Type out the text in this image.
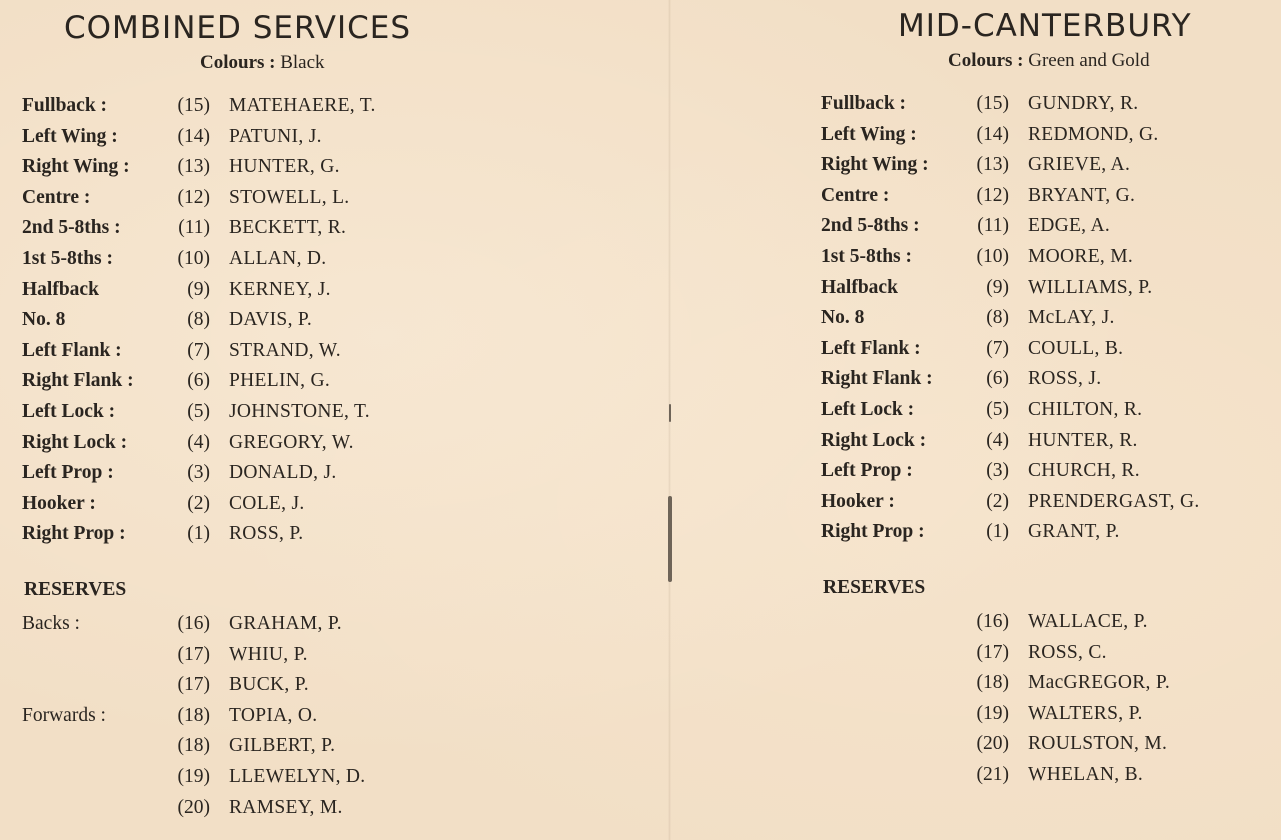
COMBINED SERVICES
Colours : Black
Fullback :	(15) MATEHAERE, T.
Left Wing :	(14) PATUNI, J.
Right Wing : (13) HUNTER, G.
Centre :	(12) STOWELL, L.
2nd 5-8ths :	(11) BECKETT, R.
1st 5-8ths :	(10) ALLAN, D.
Halfback	(9) KERNEY, J.
No. 8	(8) DAVIS, P.
Left Flank :	(7) STRAND, W.
Right Flank :	(6) PHELIN, G.
Left Lock :	(5) JOHNSTONE, T.
Right Lock :	(4) GREGORY, W.
Left Prop :	(3) DONALD, J.
Hooker :	(2) COLE, J.
Right Prop :	(1) ROSS, P.
RESERVES
Backs :	(16) GRAHAM, P.
(17) WHIU, P.
(17) BUCK, P.
Forwards :	(18) TOPIA, O.
(18) GILBERT, P.
(19) LLEWELYN, D.
(20) RAMSEY, M.
MID-CANTERBURY
Colours : Green and Gold
Fullback :	(15) GUNDRY, R.
Left Wing :	(14) REDMOND, G.
Right Wing : (13) GRIEVE, A.
Centre :	(12) BRYANT, G.
2nd 5-8ths :	(11) EDGE, A.
1st 5-8ths :	(10) MOORE, M.
Halfback	(9) WILLIAMS, P.
No. 8	(8) McLAY, J.
Left Flank :	(7) COULL, B.
Right Flank :	(6) ROSS, J.
Left Lock :	(5) CHILTON, R.
Right Lock :	(4) HUNTER, R.
Left Prop :	(3) CHURCH, R.
Hooker :	(2) PRENDERGAST, G.
Right Prop :	(1) GRANT, P.
RESERVES
(16) WALLACE, P.
(17) ROSS, C.
(18) MacGREGOR, P.
(19) WALTERS, P.
(20) ROULSTON, M.
(21) WHELAN, B.
